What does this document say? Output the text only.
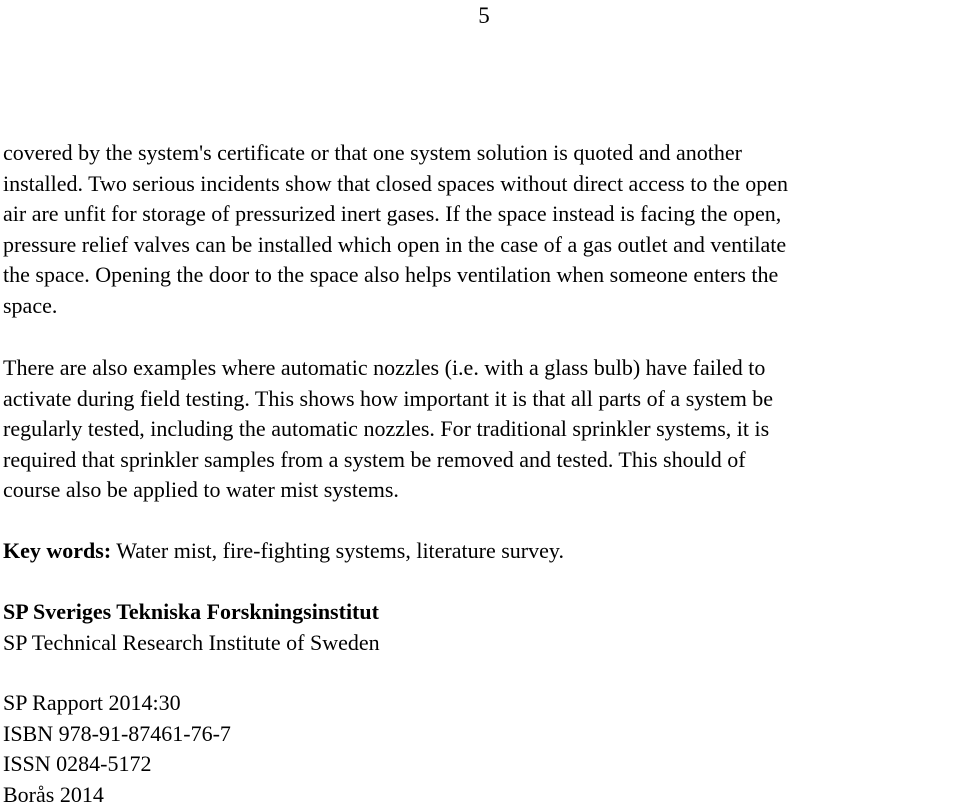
5
covered by the system's certificate or that one system solution is quoted and another
installed. Two serious incidents show that closed spaces without direct access to the open
air are unfit for storage of pressurized inert gases. If the space instead is facing the open,
pressure relief valves can be installed which open in the case of a gas outlet and ventilate
the space. Opening the door to the space also helps ventilation when someone enters the
space.
There are also examples where automatic nozzles (i.e. with a glass bulb) have failed to
activate during field testing. This shows how important it is that all parts of a system be
regularly tested, including the automatic nozzles. For traditional sprinkler systems, it is
required that sprinkler samples from a system be removed and tested. This should of
course also be applied to water mist systems.
Key words: Water mist, fire-fighting systems, literature survey.
SP Sveriges Tekniska Forskningsinstitut
SP Technical Research Institute of Sweden
SP Rapport 2014:30
ISBN 978-91-87461-76-7
ISSN 0284-5172
Borås 2014
